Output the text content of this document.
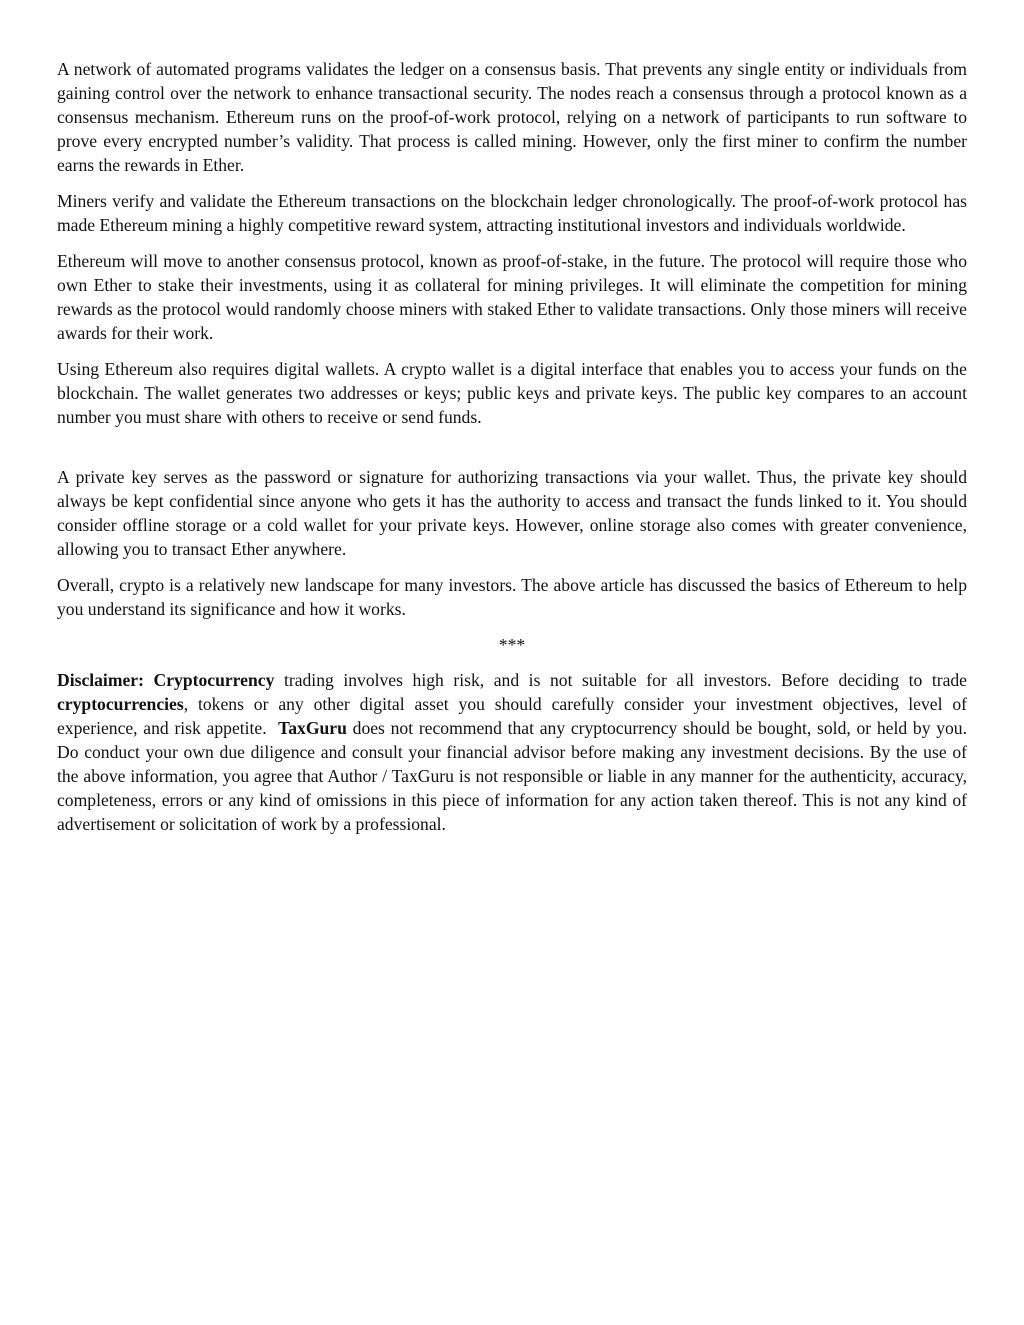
A network of automated programs validates the ledger on a consensus basis. That prevents any single entity or individuals from gaining control over the network to enhance transactional security. The nodes reach a consensus through a protocol known as a consensus mechanism. Ethereum runs on the proof-of-work protocol, relying on a network of participants to run software to prove every encrypted number’s validity. That process is called mining. However, only the first miner to confirm the number earns the rewards in Ether.

Miners verify and validate the Ethereum transactions on the blockchain ledger chronologically. The proof-of-work protocol has made Ethereum mining a highly competitive reward system, attracting institutional investors and individuals worldwide.

Ethereum will move to another consensus protocol, known as proof-of-stake, in the future. The protocol will require those who own Ether to stake their investments, using it as collateral for mining privileges. It will eliminate the competition for mining rewards as the protocol would randomly choose miners with staked Ether to validate transactions. Only those miners will receive awards for their work.

Using Ethereum also requires digital wallets. A crypto wallet is a digital interface that enables you to access your funds on the blockchain. The wallet generates two addresses or keys; public keys and private keys. The public key compares to an account number you must share with others to receive or send funds.

A private key serves as the password or signature for authorizing transactions via your wallet. Thus, the private key should always be kept confidential since anyone who gets it has the authority to access and transact the funds linked to it. You should consider offline storage or a cold wallet for your private keys. However, online storage also comes with greater convenience, allowing you to transact Ether anywhere.

Overall, crypto is a relatively new landscape for many investors. The above article has discussed the basics of Ethereum to help you understand its significance and how it works.

***

Disclaimer: Cryptocurrency trading involves high risk, and is not suitable for all investors. Before deciding to trade cryptocurrencies, tokens or any other digital asset you should carefully consider your investment objectives, level of experience, and risk appetite. TaxGuru does not recommend that any cryptocurrency should be bought, sold, or held by you. Do conduct your own due diligence and consult your financial advisor before making any investment decisions. By the use of the above information, you agree that Author / TaxGuru is not responsible or liable in any manner for the authenticity, accuracy, completeness, errors or any kind of omissions in this piece of information for any action taken thereof. This is not any kind of advertisement or solicitation of work by a professional.
